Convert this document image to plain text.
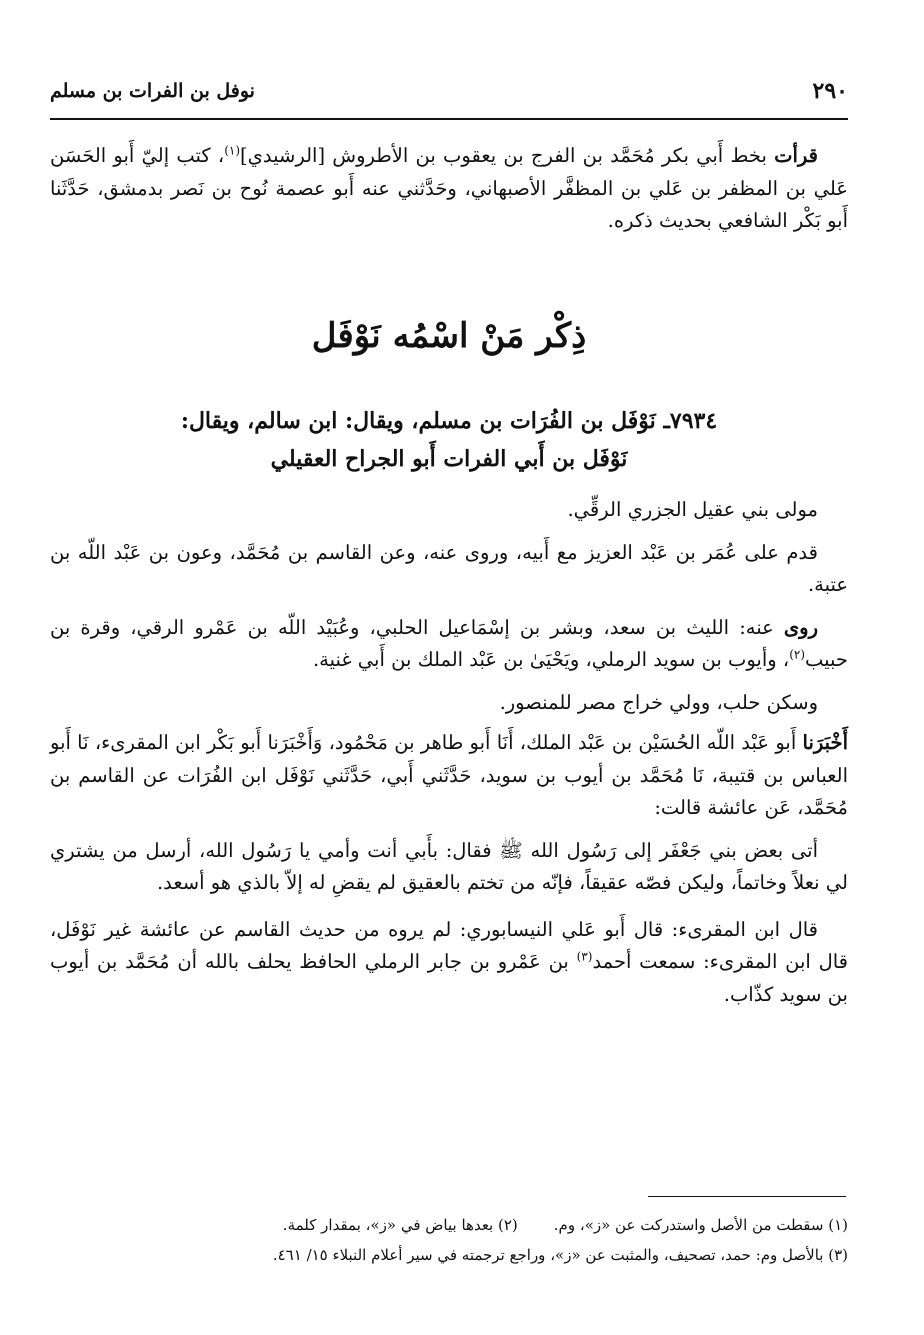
٢٩٠
نوفل بن الفرات بن مسلم

قرأت بخط أَبي بكر مُحَمَّد بن الفرج بن يعقوب بن الأطروش [الرشيدي]$^{(١)}$، كتب إليّ أَبو الحَسَن عَلي بن المظفر بن عَلي بن المظفَّر الأصبهاني، وحَدَّثني عنه أَبو عصمة نُوح بن نَصر بدمشق، حَدَّثَنا أَبو بَكْر الشافعي بحديث ذكره.

ذِكْر مَنْ اسْمُه نَوْفَل
٧٩٣٤ـ نَوْفَل بن الفُرَات بن مسلم، ويقال: ابن سالم، ويقال:
نَوْفَل بن أَبي الفرات أَبو الجراح العقيلي

مولى بني عقيل الجزري الرقِّي.

قدم على عُمَر بن عَبْد العزيز مع أَبيه، وروى عنه، وعن القاسم بن مُحَمَّد، وعون بن عَبْد اللّه بن عتبة.

روى عنه: الليث بن سعد، وبشر بن إسْمَاعيل الحلبي، وعُبَيْد اللّه بن عَمْرو الرقي، وقرة بن حبيب$^{(٢)}$، وأيوب بن سويد الرملي، ويَحْيَىٰ بن عَبْد الملك بن أَبي غنية.

وسكن حلب، وولي خراج مصر للمنصور.

أَخْبَرَنا أَبو عَبْد اللّه الحُسَيْن بن عَبْد الملك، أَنَا أَبو طاهر بن مَحْمُود، وَأَخْبَرَنا أَبو بَكْر ابن المقرىء، نَا أَبو العباس بن قتيبة، نَا مُحَمَّد بن أيوب بن سويد، حَدَّثَني أَبي، حَدَّثَني نَوْفَل ابن الفُرَات عن القاسم بن مُحَمَّد، عَن عائشة قالت:

أتى بعض بني جَعْفَر إلى رَسُول الله ﷺ فقال: بأَبي أنت وأمي يا رَسُول الله، أرسل من يشتري لي نعلاً وخاتماً، وليكن فصّه عقيقاً، فإنّه من تختم بالعقيق لم يقضِ له إلاّ بالذي هو أسعد.

قال ابن المقرىء: قال أَبو عَلي النيسابوري: لم يروه من حديث القاسم عن عائشة غير نَوْفَل، قال ابن المقرىء: سمعت أحمد$^{(٣)}$ بن عَمْرو بن جابر الرملي الحافظ يحلف بالله أن مُحَمَّد بن أيوب بن سويد كذّاب.

(١) سقطت من الأصل واستدركت عن «ز»، وم.(٢) بعدها بياض في «ز»، بمقدار كلمة.
(٣) بالأصل وم: حمد، تصحيف، والمثبت عن «ز»، وراجع ترجمته في سير أعلام النبلاء ١٥/ ٤٦١.
